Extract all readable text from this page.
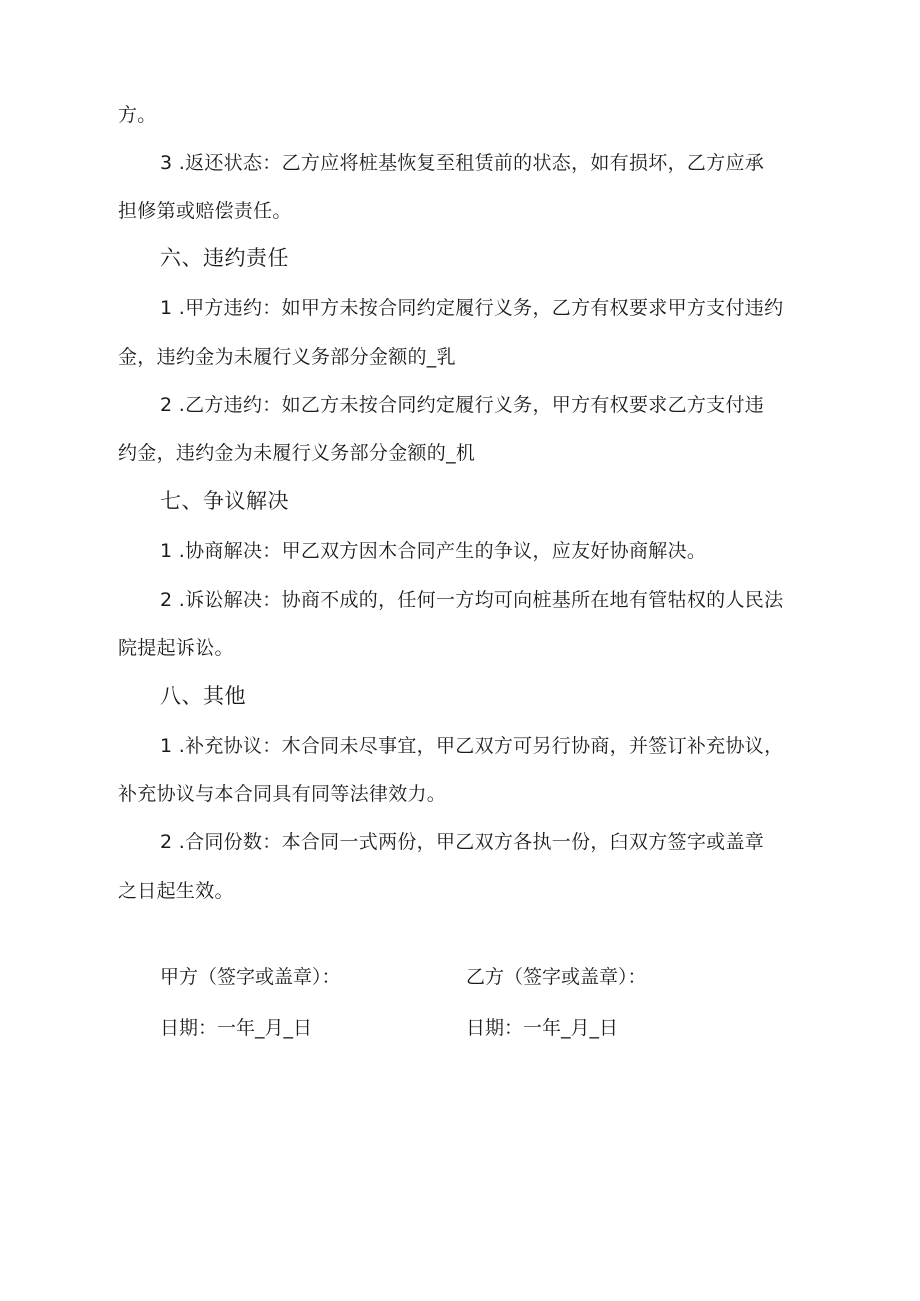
方。
3 .返还状态：乙方应将桩基恢复至租赁前的状态，如有损坏，乙方应承
担修第或赔偿责任。
六、违约责任
1 .甲方违约：如甲方未按合同约定履行义务，乙方有权要求甲方支付违约
金，违约金为未履行义务部分金额的_乳
2 .乙方违约：如乙方未按合同约定履行义务，甲方有权要求乙方支付违
约金，违约金为未履行义务部分金额的_机
七、争议解决
1 .协商解决：甲乙双方因木合同产生的争议，应友好协商解决。
2 .诉讼解决：协商不成的，任何一方均可向桩基所在地有管牯权的人民法
院提起诉讼。
八、其他
1 .补充协议：木合同未尽事宜，甲乙双方可另行协商，并签订补充协议，
补充协议与本合同具有同等法律效力。
2 .合同份数：本合同一式两份，甲乙双方各执一份，臼双方签字或盖章
之日起生效。
甲方（签字或盖章）：	乙方（签字或盖章）：
日期：一年_月_日	日期：一年_月_日
